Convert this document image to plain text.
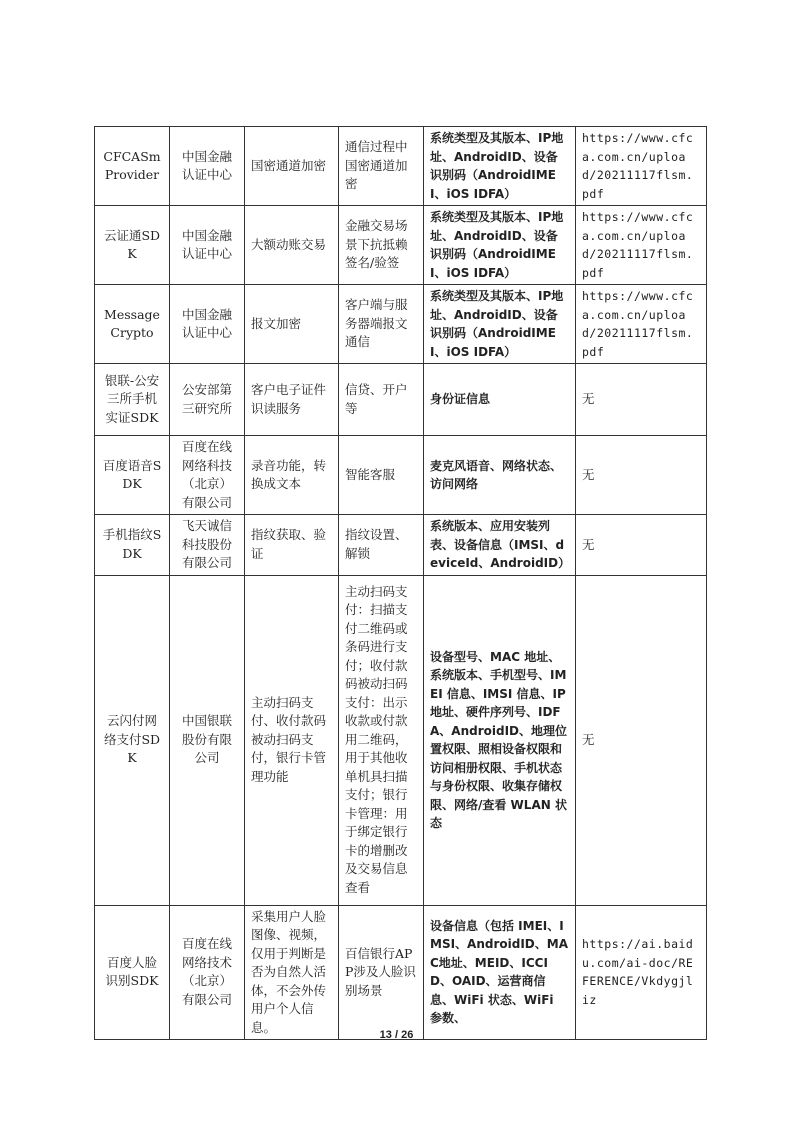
CFCASmProvider	中国金融认证中心	国密通道加密	通信过程中国密通道加密	系统类型及其版本、IP地址、AndroidID、设备识别码（AndroidIMEI、iOS IDFA）	https://www.cfca.com.cn/upload/20211117flsm.pdf
云证通SDK	中国金融认证中心	大额动账交易	金融交易场景下抗抵赖签名/验签	系统类型及其版本、IP地址、AndroidID、设备识别码（AndroidIMEI、iOS IDFA）	https://www.cfca.com.cn/upload/20211117flsm.pdf
MessageCrypto	中国金融认证中心	报文加密	客户端与服务器端报文通信	系统类型及其版本、IP地址、AndroidID、设备识别码（AndroidIMEI、iOS IDFA）	https://www.cfca.com.cn/upload/20211117flsm.pdf
银联-公安三所手机实证SDK	公安部第三研究所	客户电子证件识读服务	信贷、开户等	身份证信息	无
百度语音SDK	百度在线网络科技（北京）有限公司	录音功能，转换成文本	智能客服	麦克风语音、网络状态、访问网络	无
手机指纹SDK	飞天诚信科技股份有限公司	指纹获取、验证	指纹设置、解锁	系统版本、应用安装列表、设备信息（IMSI、deviceId、AndroidID）	无
云闪付网络支付SDK	中国银联股份有限公司	主动扫码支付、收付款码被动扫码支付，银行卡管理功能	主动扫码支付：扫描支付二维码或条码进行支付；收付款码被动扫码支付：出示收款或付款用二维码，用于其他收单机具扫描支付；银行卡管理：用于绑定银行卡的增删改及交易信息查看	设备型号、MAC 地址、系统版本、手机型号、IMEI 信息、IMSI 信息、IP 地址、硬件序列号、IDFA、AndroidID、地理位置权限、照相设备权限和访问相册权限、手机状态与身份权限、收集存储权限、网络/查看 WLAN 状态	无
百度人脸识别SDK	百度在线网络技术（北京）有限公司	采集用户人脸图像、视频，仅用于判断是否为自然人活体，不会外传用户个人信息。	百信银行APP涉及人脸识别场景	设备信息（包括 IMEI、IMSI、AndroidID、MAC地址、MEID、ICCID、OAID、运营商信息、WiFi 状态、WiFi 参数、	https://ai.baidu.com/ai-doc/REFERENCE/Vkdygjliz
13 / 26
